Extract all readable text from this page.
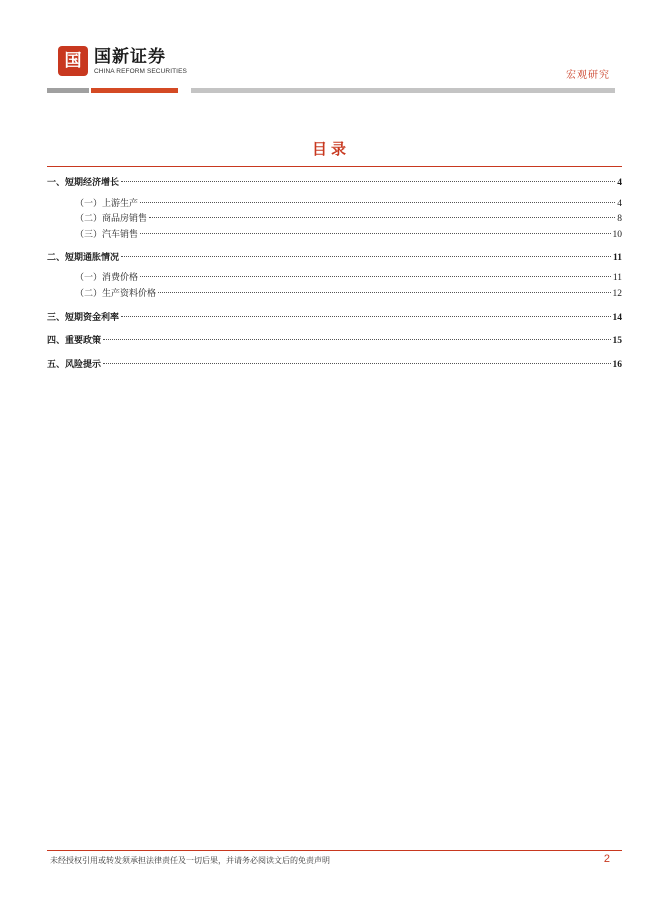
国 国新证券
CHINA REFORM SECURITIES	宏观研究
目录
一、短期经济增长	4
（一）上游生产	4
（二）商品房销售	8
（三）汽车销售	10
二、短期通胀情况	11
（一）消费价格	11
（二）生产资料价格	12
三、短期资金利率	14
四、重要政策	15
五、风险提示	16
未经授权引用或转发须承担法律责任及一切后果，并请务必阅读文后的免责声明	2
